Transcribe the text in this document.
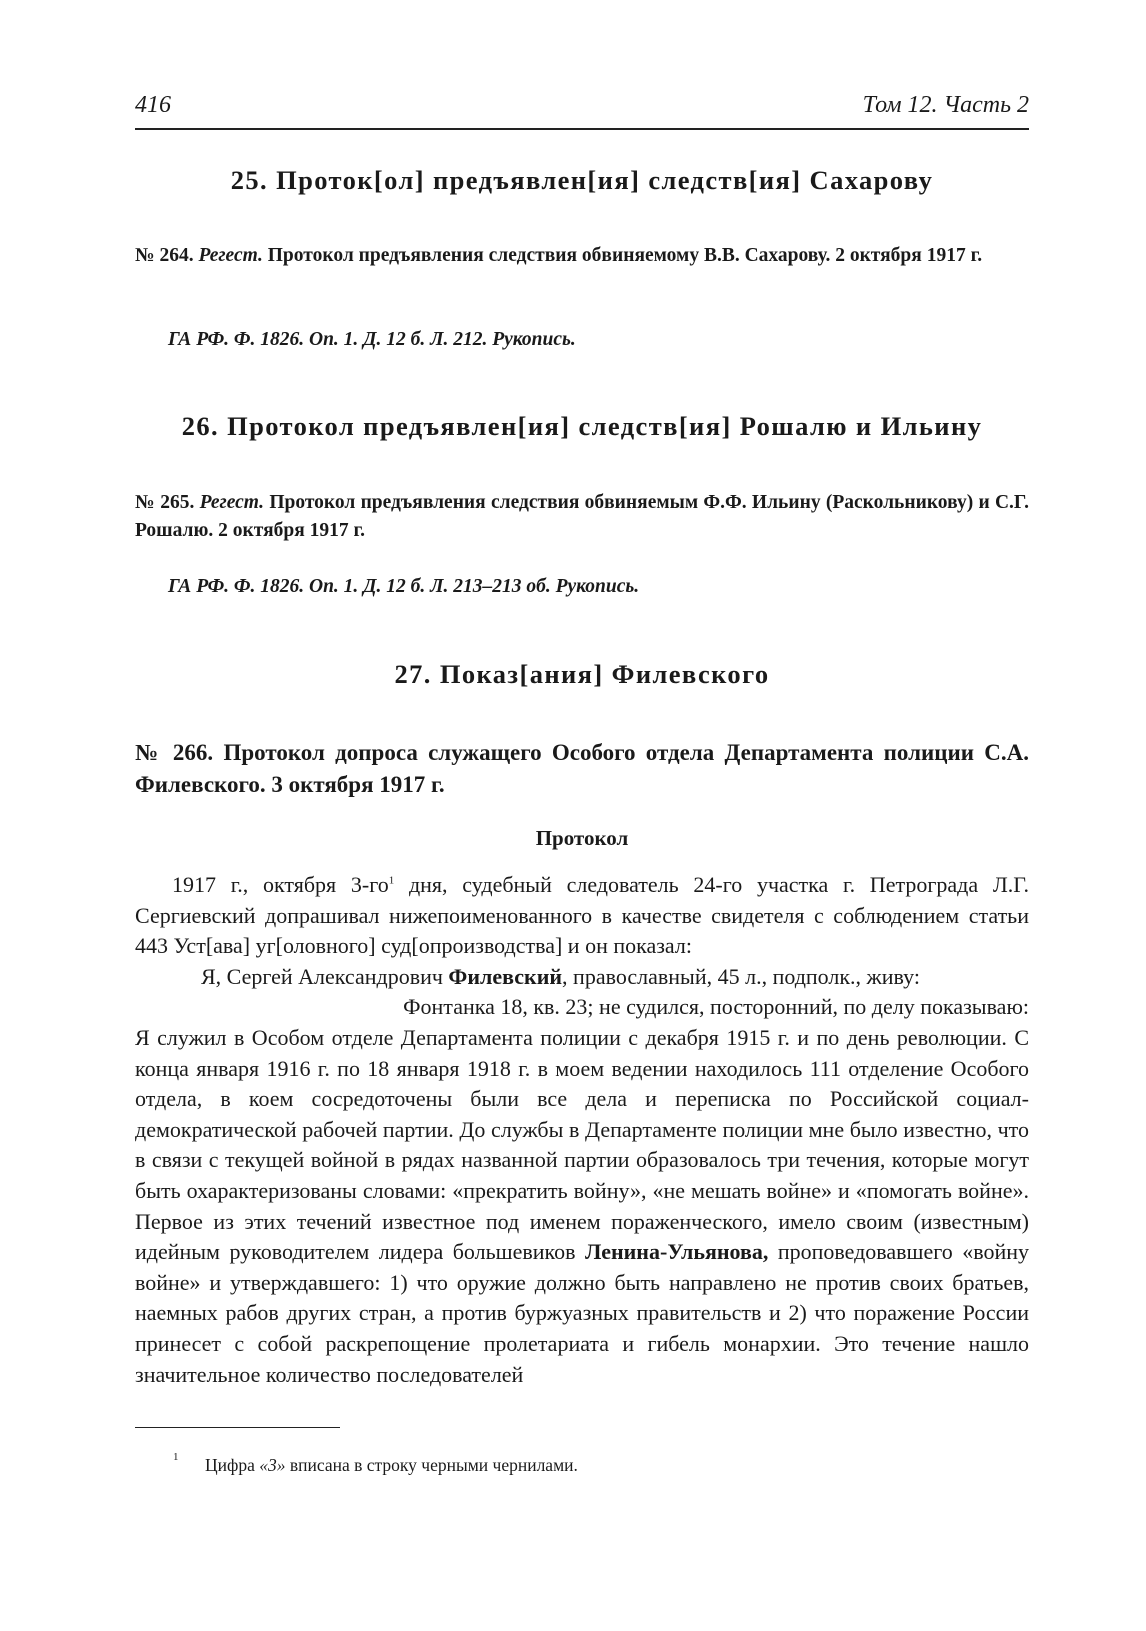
416	Том 12. Часть 2
25. Проток[ол] предъявлен[ия] следств[ия] Сахарову
№ 264. Регест. Протокол предъявления следствия обвиняемому В.В. Сахарову. 2 октября 1917 г.
ГА РФ. Ф. 1826. Оп. 1. Д. 12 б. Л. 212. Рукопись.
26. Протокол предъявлен[ия] следств[ия] Рошалю и Ильину
№ 265. Регест. Протокол предъявления следствия обвиняемым Ф.Ф. Ильину (Раскольникову) и С.Г. Рошалю. 2 октября 1917 г.
ГА РФ. Ф. 1826. Оп. 1. Д. 12 б. Л. 213–213 об. Рукопись.
27. Показ[ания] Филевского
№ 266. Протокол допроса служащего Особого отдела Департамента полиции С.А. Филевского. 3 октября 1917 г.
Протокол

1917 г., октября $3-го^1$ дня, судебный следователь 24-го участка г. Петрограда Л.Г. Сергиевский допрашивал нижепоименованного в качестве свидетеля с соблюдением статьи 443 Уст[ава] уг[оловного] суд[опроизводства] и он показал:

Я, Сергей Александрович Филевский, православный, 45 л., подполк., живу:

Фонтанка 18, кв. 23; не судился, посторонний, по делу показываю:

Я служил в Особом отделе Департамента полиции с декабря 1915 г. и по день революции. С конца января 1916 г. по 18 января 1918 г. в моем ведении находилось 111 отделение Особого отдела, в коем сосредоточены были все дела и переписка по Российской социал-демократической рабочей партии. До службы в Департаменте полиции мне было известно, что в связи с текущей войной в рядах названной партии образовалось три течения, которые могут быть охарактеризованы словами: «прекратить войну», «не мешать войне» и «помогать войне». Первое из этих течений известное под именем пораженческого, имело своим (известным) идейным руководителем лидера большевиков Ленина-Ульянова, проповедовавшего «войну войне» и утверждавшего: 1) что оружие должно быть направлено не против своих братьев, наемных рабов других стран, а против буржуазных правительств и 2) что поражение России принесет с собой раскрепощение пролетариата и гибель монархии. Это течение нашло значительное количество последователей

1 Цифра «3» вписана в строку черными чернилами.
